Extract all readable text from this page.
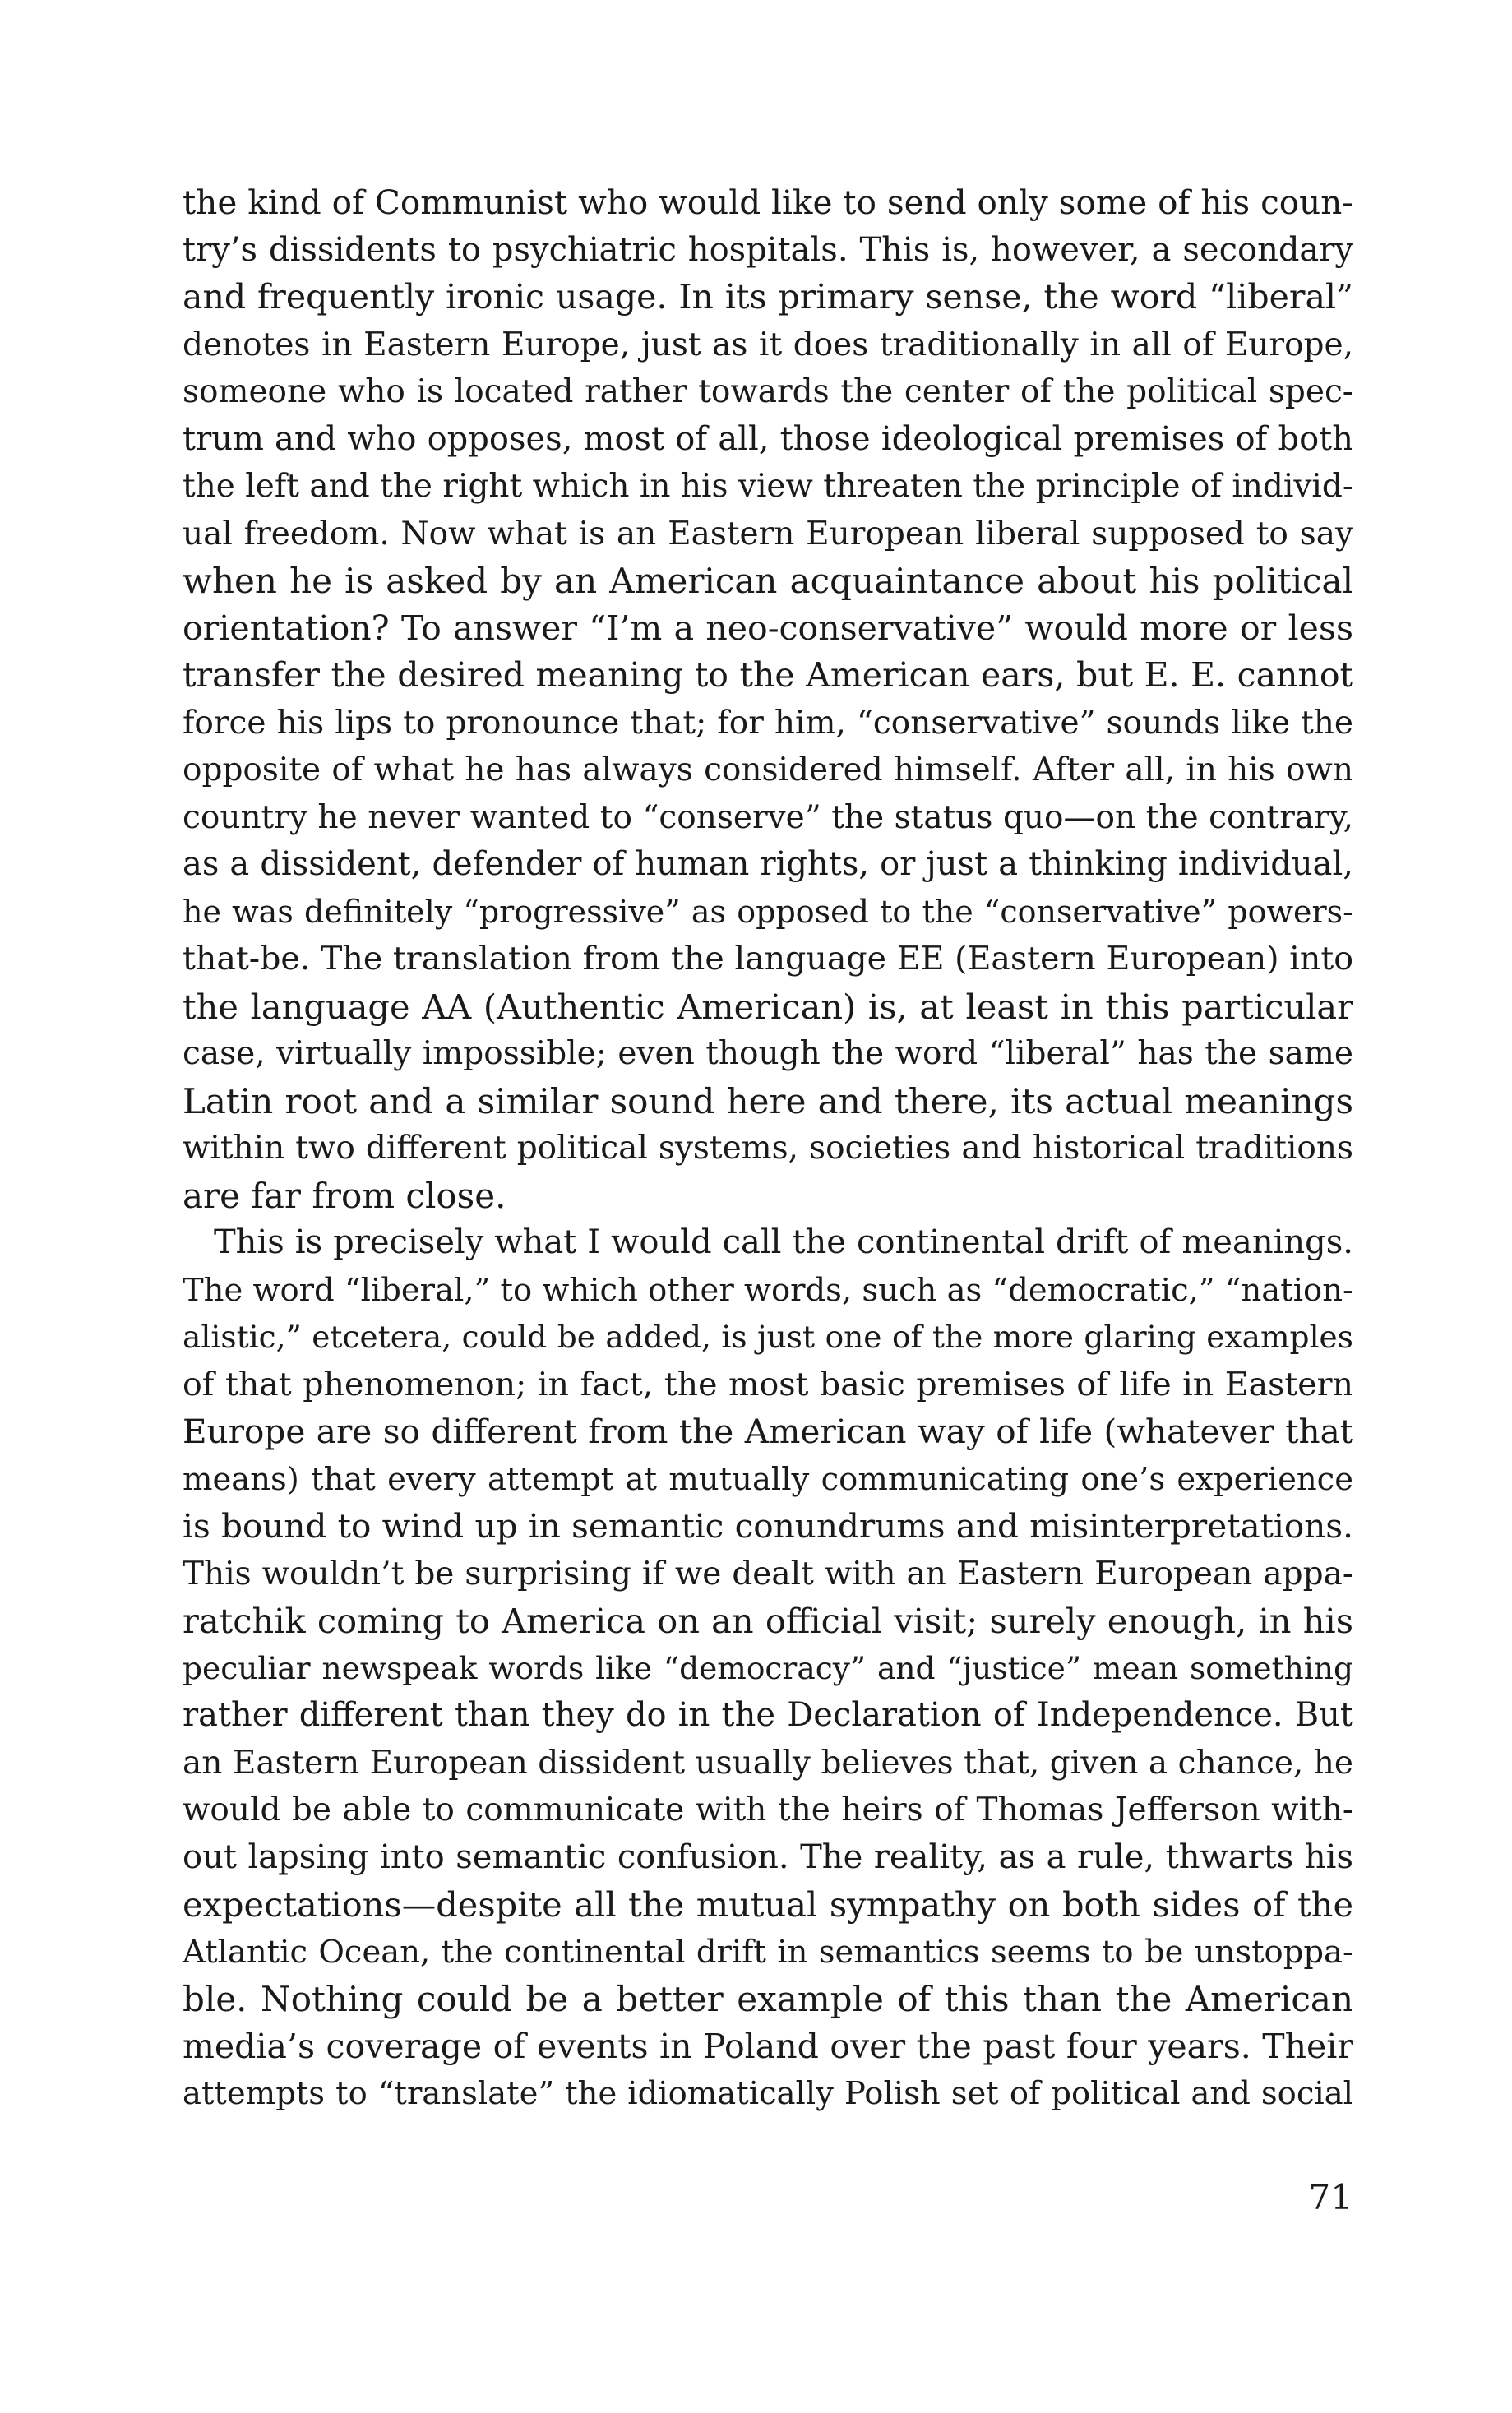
the kind of Communist who would like to send only some of his coun-
try’s dissidents to psychiatric hospitals. This is, however, a secondary
and frequently ironic usage. In its primary sense, the word “liberal”
denotes in Eastern Europe, just as it does traditionally in all of Europe,
someone who is located rather towards the center of the political spec-
trum and who opposes, most of all, those ideological premises of both
the left and the right which in his view threaten the principle of individ-
ual freedom. Now what is an Eastern European liberal supposed to say
when he is asked by an American acquaintance about his political
orientation? To answer “I’m a neo-conservative” would more or less
transfer the desired meaning to the American ears, but E. E. cannot
force his lips to pronounce that; for him, “conservative” sounds like the
opposite of what he has always considered himself. After all, in his own
country he never wanted to “conserve” the status quo—on the contrary,
as a dissident, defender of human rights, or just a thinking individual,
he was definitely “progressive” as opposed to the “conservative” powers-
that-be. The translation from the language EE (Eastern European) into
the language AA (Authentic American) is, at least in this particular
case, virtually impossible; even though the word “liberal” has the same
Latin root and a similar sound here and there, its actual meanings
within two different political systems, societies and historical traditions
are far from close.
This is precisely what I would call the continental drift of meanings.
The word “liberal,” to which other words, such as “democratic,” “nation-
alistic,” etcetera, could be added, is just one of the more glaring examples
of that phenomenon; in fact, the most basic premises of life in Eastern
Europe are so different from the American way of life (whatever that
means) that every attempt at mutually communicating one’s experience
is bound to wind up in semantic conundrums and misinterpretations.
This wouldn’t be surprising if we dealt with an Eastern European appa-
ratchik coming to America on an official visit; surely enough, in his
peculiar newspeak words like “democracy” and “justice” mean something
rather different than they do in the Declaration of Independence. But
an Eastern European dissident usually believes that, given a chance, he
would be able to communicate with the heirs of Thomas Jefferson with-
out lapsing into semantic confusion. The reality, as a rule, thwarts his
expectations—despite all the mutual sympathy on both sides of the
Atlantic Ocean, the continental drift in semantics seems to be unstoppa-
ble. Nothing could be a better example of this than the American
media’s coverage of events in Poland over the past four years. Their
attempts to “translate” the idiomatically Polish set of political and social
71
